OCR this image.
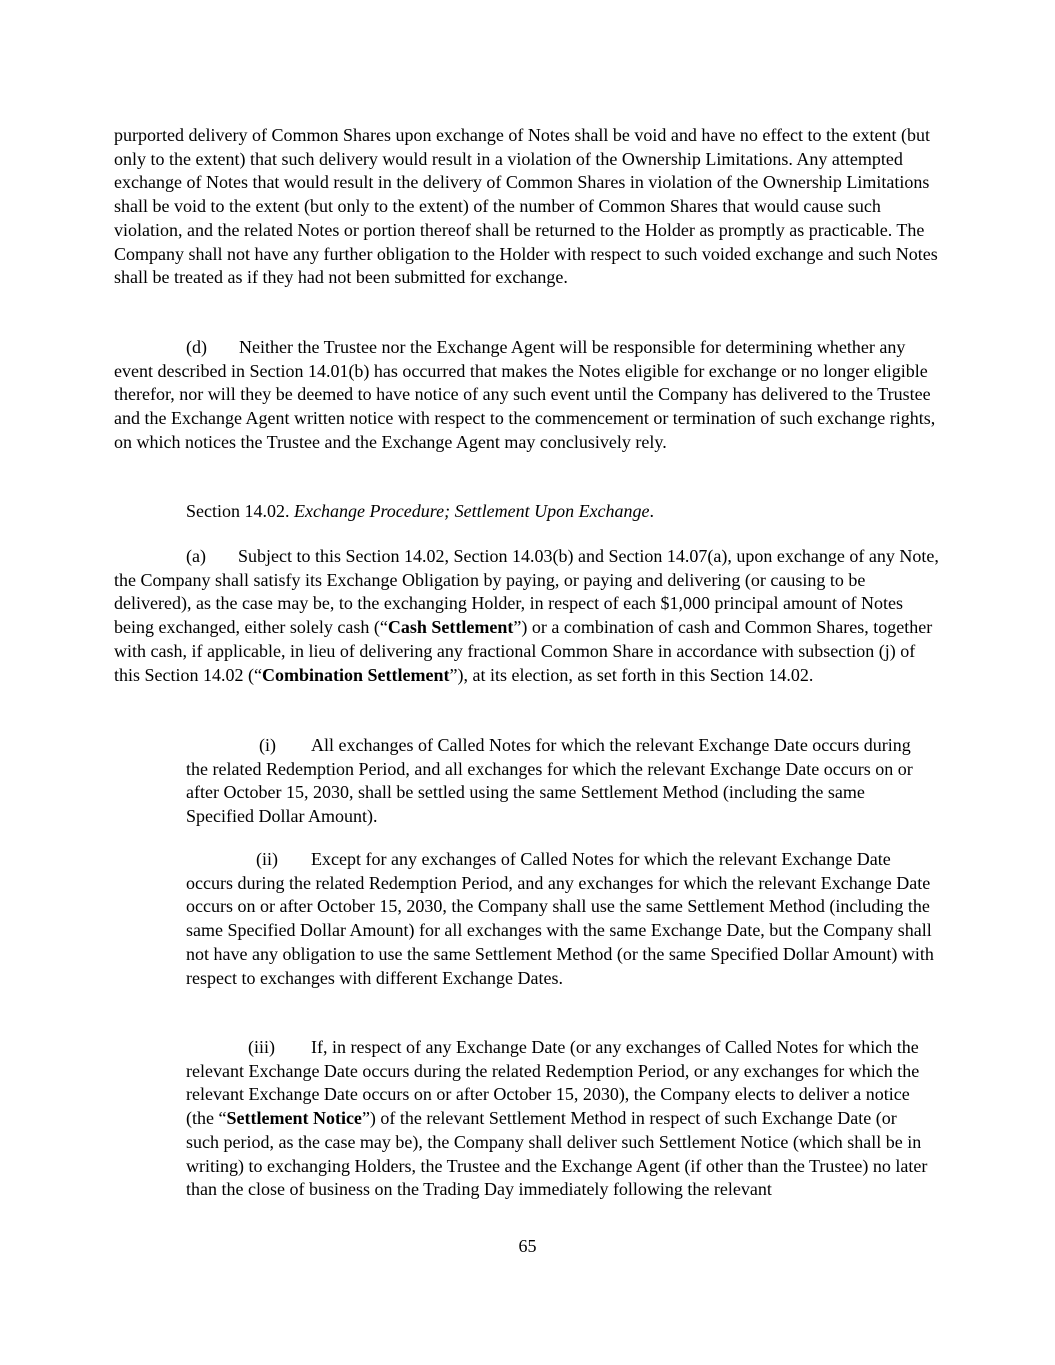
purported delivery of Common Shares upon exchange of Notes shall be void and have no effect to the extent (but only to the extent) that such delivery would result in a violation of the Ownership Limitations. Any attempted exchange of Notes that would result in the delivery of Common Shares in violation of the Ownership Limitations shall be void to the extent (but only to the extent) of the number of Common Shares that would cause such violation, and the related Notes or portion thereof shall be returned to the Holder as promptly as practicable. The Company shall not have any further obligation to the Holder with respect to such voided exchange and such Notes shall be treated as if they had not been submitted for exchange.

(d) Neither the Trustee nor the Exchange Agent will be responsible for determining whether any event described in Section 14.01(b) has occurred that makes the Notes eligible for exchange or no longer eligible therefor, nor will they be deemed to have notice of any such event until the Company has delivered to the Trustee and the Exchange Agent written notice with respect to the commencement or termination of such exchange rights, on which notices the Trustee and the Exchange Agent may conclusively rely.

Section 14.02. Exchange Procedure; Settlement Upon Exchange.

(a) Subject to this Section 14.02, Section 14.03(b) and Section 14.07(a), upon exchange of any Note, the Company shall satisfy its Exchange Obligation by paying, or paying and delivering (or causing to be delivered), as the case may be, to the exchanging Holder, in respect of each $1,000 principal amount of Notes being exchanged, either solely cash (“Cash Settlement”) or a combination of cash and Common Shares, together with cash, if applicable, in lieu of delivering any fractional Common Share in accordance with subsection (j) of this Section 14.02 (“Combination Settlement”), at its election, as set forth in this Section 14.02.

(i) All exchanges of Called Notes for which the relevant Exchange Date occurs during the related Redemption Period, and all exchanges for which the relevant Exchange Date occurs on or after October 15, 2030, shall be settled using the same Settlement Method (including the same Specified Dollar Amount).

(ii) Except for any exchanges of Called Notes for which the relevant Exchange Date occurs during the related Redemption Period, and any exchanges for which the relevant Exchange Date occurs on or after October 15, 2030, the Company shall use the same Settlement Method (including the same Specified Dollar Amount) for all exchanges with the same Exchange Date, but the Company shall not have any obligation to use the same Settlement Method (or the same Specified Dollar Amount) with respect to exchanges with different Exchange Dates.

(iii) If, in respect of any Exchange Date (or any exchanges of Called Notes for which the relevant Exchange Date occurs during the related Redemption Period, or any exchanges for which the relevant Exchange Date occurs on or after October 15, 2030), the Company elects to deliver a notice (the “Settlement Notice”) of the relevant Settlement Method in respect of such Exchange Date (or such period, as the case may be), the Company shall deliver such Settlement Notice (which shall be in writing) to exchanging Holders, the Trustee and the Exchange Agent (if other than the Trustee) no later than the close of business on the Trading Day immediately following the relevant

65
